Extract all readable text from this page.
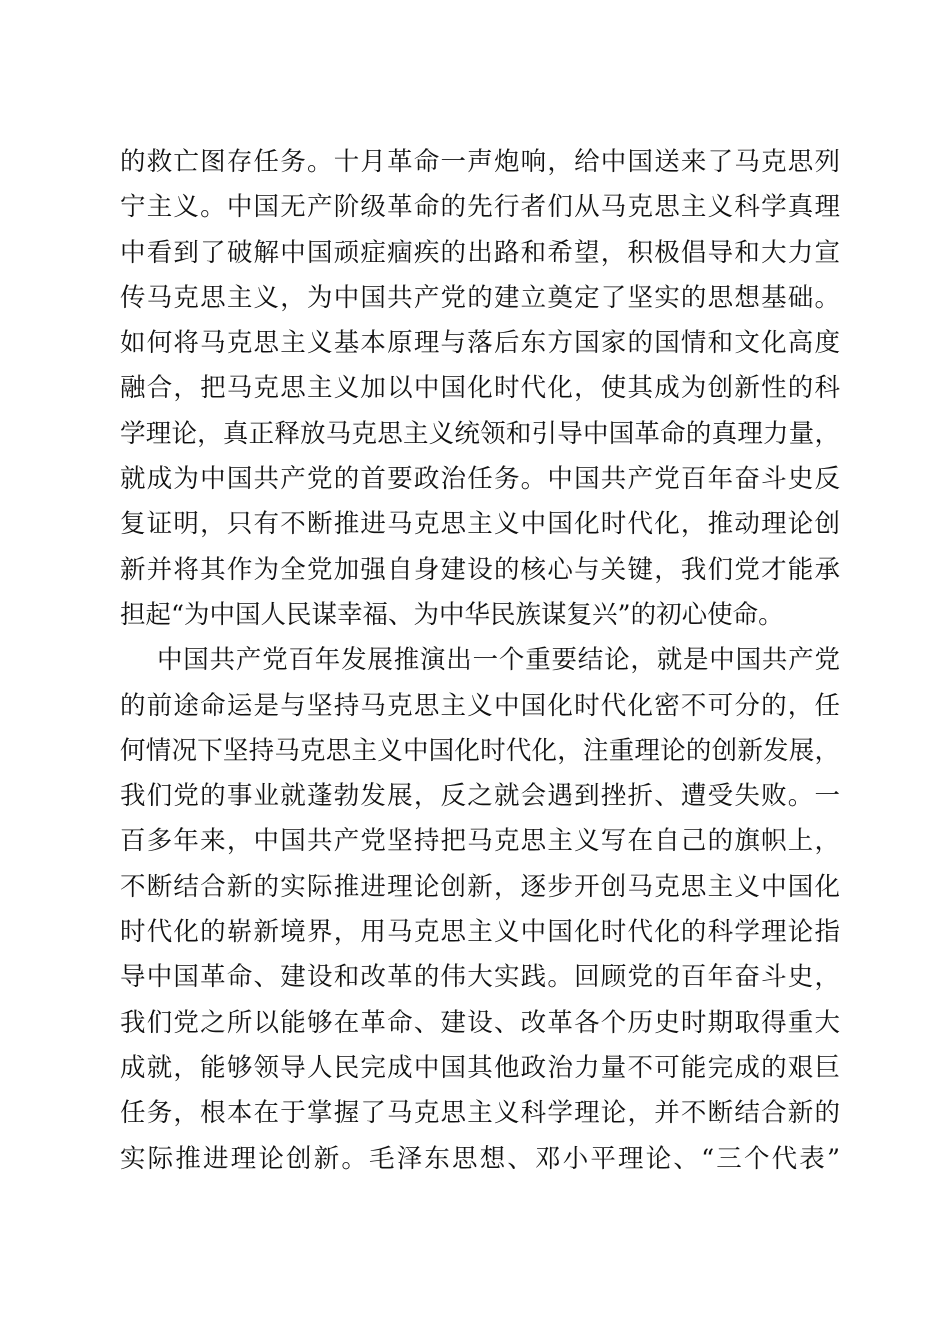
的救亡图存任务。十月革命一声炮响，给中国送来了马克思列
宁主义。中国无产阶级革命的先行者们从马克思主义科学真理
中看到了破解中国顽症痼疾的出路和希望，积极倡导和大力宣
传马克思主义，为中国共产党的建立奠定了坚实的思想基础。
如何将马克思主义基本原理与落后东方国家的国情和文化高度
融合，把马克思主义加以中国化时代化，使其成为创新性的科
学理论，真正释放马克思主义统领和引导中国革命的真理力量，
就成为中国共产党的首要政治任务。中国共产党百年奋斗史反
复证明，只有不断推进马克思主义中国化时代化，推动理论创
新并将其作为全党加强自身建设的核心与关键，我们党才能承
担起“为中国人民谋幸福、为中华民族谋复兴”的初心使命。
中国共产党百年发展推演出一个重要结论，就是中国共产党
的前途命运是与坚持马克思主义中国化时代化密不可分的，任
何情况下坚持马克思主义中国化时代化，注重理论的创新发展，
我们党的事业就蓬勃发展，反之就会遇到挫折、遭受失败。一
百多年来，中国共产党坚持把马克思主义写在自己的旗帜上，
不断结合新的实际推进理论创新，逐步开创马克思主义中国化
时代化的崭新境界，用马克思主义中国化时代化的科学理论指
导中国革命、建设和改革的伟大实践。回顾党的百年奋斗史，
我们党之所以能够在革命、建设、改革各个历史时期取得重大
成就，能够领导人民完成中国其他政治力量不可能完成的艰巨
任务，根本在于掌握了马克思主义科学理论，并不断结合新的
实际推进理论创新。毛泽东思想、邓小平理论、“三个代表”
